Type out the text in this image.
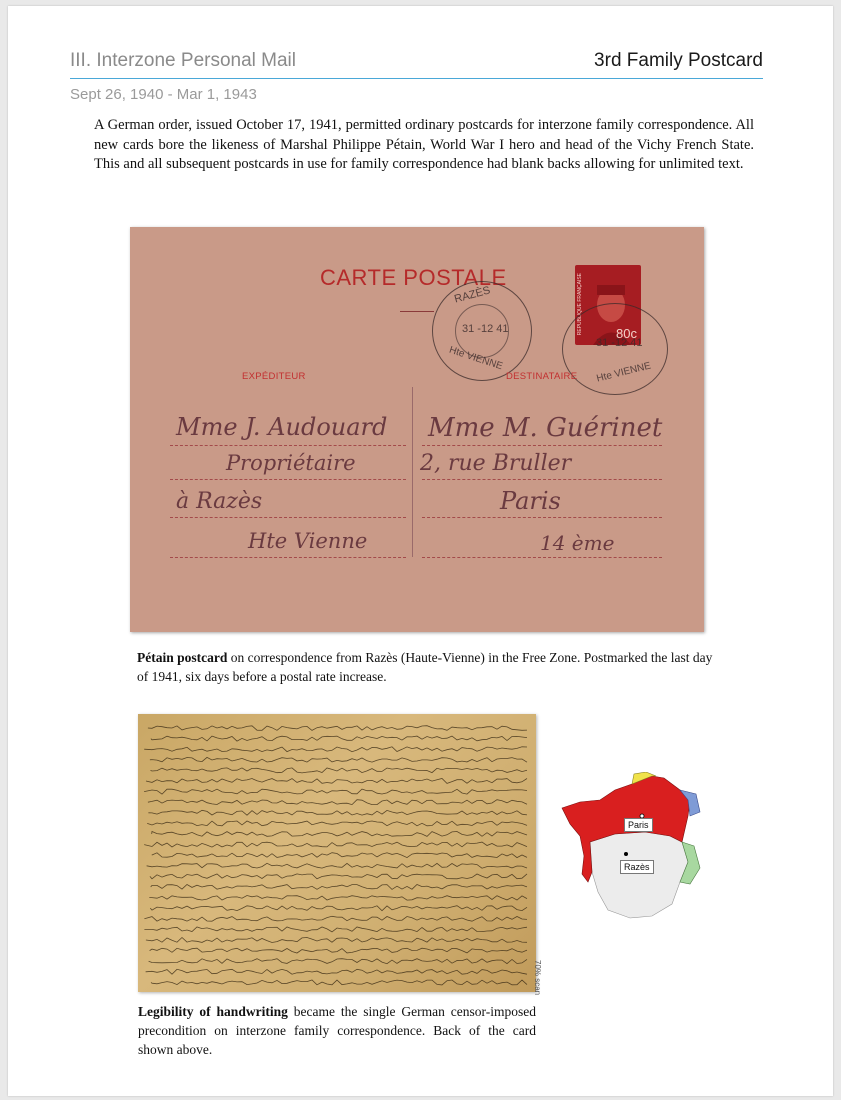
III. Interzone Personal Mail	3rd Family Postcard
Sept 26, 1940 - Mar 1, 1943
A German order, issued October 17, 1941, permitted ordinary postcards for interzone family correspondence. All new cards bore the likeness of Marshal Philippe Pétain, World War I hero and head of the Vichy French State. This and all subsequent postcards in use for family correspondence had blank backs allowing for unlimited text.
CARTE POSTALE
RAZÈS
31 -12 41
Hte VIENNE
REPUBLIQUE FRANÇAISE	80c
31 -12 41
Hte VIENNE
EXPÉDITEUR	DESTINATAIRE
Mme J. Audouard
Propriétaire
à Razès
Hte Vienne
Mme M. Guérinet
2, rue Bruller
Paris
14 ème
Pétain postcard on correspondence from Razès (Haute-Vienne) in the Free Zone. Postmarked the last day of 1941, six days before a postal rate increase.
70% scan
Legibility of handwriting became the single German censor-imposed precondition on interzone family correspondence. Back of the card shown above.
Paris
Razès
